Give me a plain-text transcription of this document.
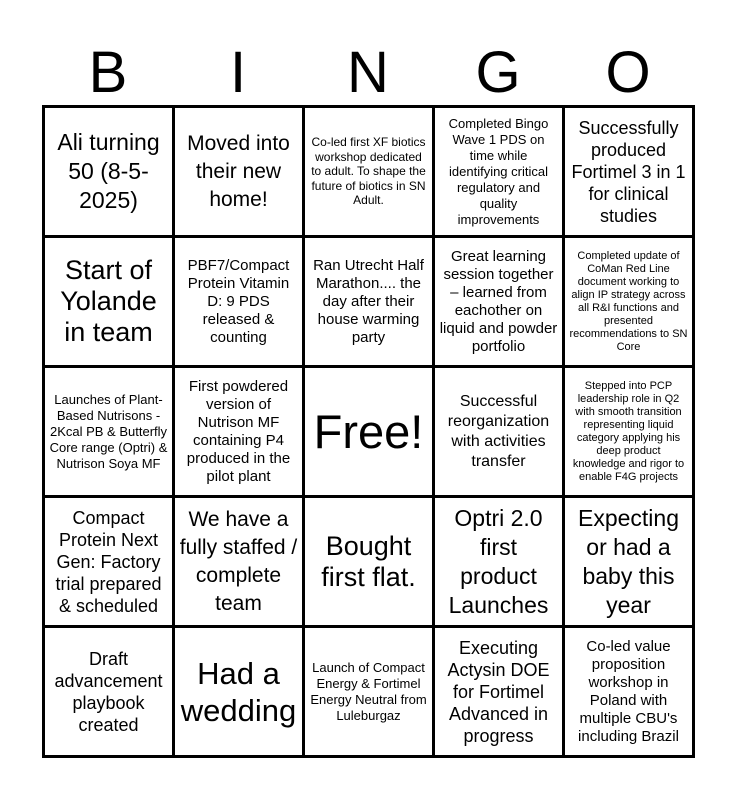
B	I	N	G	O
Ali turning 50 (8-5-2025)
Moved into their new home!
Co-led first XF biotics workshop dedicated to adult. To shape the future of biotics in SN Adult.
Completed Bingo Wave 1 PDS on time while identifying critical regulatory and quality improvements
Successfully produced Fortimel 3 in 1 for clinical studies
Start of Yolande in team
PBF7/Compact Protein Vitamin D: 9 PDS released & counting
Ran Utrecht Half Marathon.... the day after their house warming party
Great learning session together – learned from eachother on liquid and powder portfolio
Completed update of CoMan Red Line document working to align IP strategy across all R&I functions and presented recommendations to SN Core
Launches of Plant-Based Nutrisons - 2Kcal PB & Butterfly Core range (Optri) & Nutrison Soya MF
First powdered version of Nutrison MF containing P4 produced in the pilot plant
Free!
Successful reorganization with activities transfer
Stepped into PCP leadership role in Q2 with smooth transition representing liquid category applying his deep product knowledge and rigor to enable F4G projects
Compact Protein Next Gen: Factory trial prepared & scheduled
We have a fully staffed / complete team
Bought first flat.
Optri 2.0 first product Launches
Expecting or had a baby this year
Draft advancement playbook created
Had a wedding
Launch of Compact Energy & Fortimel Energy Neutral from Luleburgaz
Executing Actysin DOE for Fortimel Advanced in progress
Co-led value proposition workshop in Poland with multiple CBU's including Brazil
